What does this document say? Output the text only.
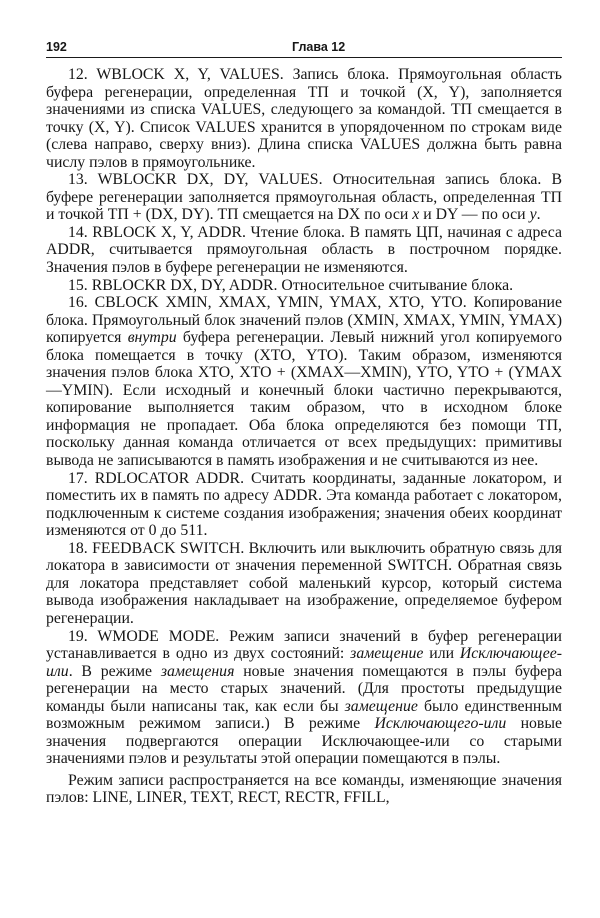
192	Глава 12

12. WBLOCK X, Y, VALUES. Запись блока. Прямоугольная область буфера регенерации, определенная ТП и точкой (X, Y), заполняется значениями из списка VALUES, следующего за командой. ТП смещается в точку (X, Y). Список VALUES хранится в упорядоченном по строкам виде (слева направо, сверху вниз). Длина списка VALUES должна быть равна числу пэлов в прямоугольнике.

13. WBLOCKR DX, DY, VALUES. Относительная запись блока. В буфере регенерации заполняется прямоугольная область, определенная ТП и точкой ТП + (DX, DY). ТП смещается на DX по оси x и DY — по оси y.

14. RBLOCK X, Y, ADDR. Чтение блока. В память ЦП, начиная с адреса ADDR, считывается прямоугольная область в построчном порядке. Значения пэлов в буфере регенерации не изменяются.

15. RBLOCKR DX, DY, ADDR. Относительное считывание блока.

16. CBLOCK XMIN, XMAX, YMIN, YMAX, XTO, YTO. Копирование блока. Прямоугольный блок значений пэлов (XMIN, XMAX, YMIN, YMAX) копируется внутри буфера регенерации. Левый нижний угол копируемого блока помещается в точку (XTO, YTO). Таким образом, изменяются значения пэлов блока XTO, XTO + (XMAX—XMIN), YTO, YTO + (YMAX—YMIN). Если исходный и конечный блоки частично перекрываются, копирование выполняется таким образом, что в исходном блоке информация не пропадает. Оба блока определяются без помощи ТП, поскольку данная команда отличается от всех предыдущих: примитивы вывода не записываются в память изображения и не считываются из нее.

17. RDLOCATOR ADDR. Считать координаты, заданные локатором, и поместить их в память по адресу ADDR. Эта команда работает с локатором, подключенным к системе создания изображения; значения обеих координат изменяются от 0 до 511.

18. FEEDBACK SWITCH. Включить или выключить обратную связь для локатора в зависимости от значения переменной SWITCH. Обратная связь для локатора представляет собой маленький курсор, который система вывода изображения накладывает на изображение, определяемое буфером регенерации.

19. WMODE MODE. Режим записи значений в буфер регенерации устанавливается в одно из двух состояний: замещение или Исключающее-или. В режиме замещения новые значения помещаются в пэлы буфера регенерации на место старых значений. (Для простоты предыдущие команды были написаны так, как если бы замещение было единственным возможным режимом записи.) В режиме Исключающего-или новые значения подвергаются операции Исключающее-или со старыми значениями пэлов и результаты этой операции помещаются в пэлы.

Режим записи распространяется на все команды, изменяющие значения пэлов: LINE, LINER, TEXT, RECT, RECTR, FFILL,
